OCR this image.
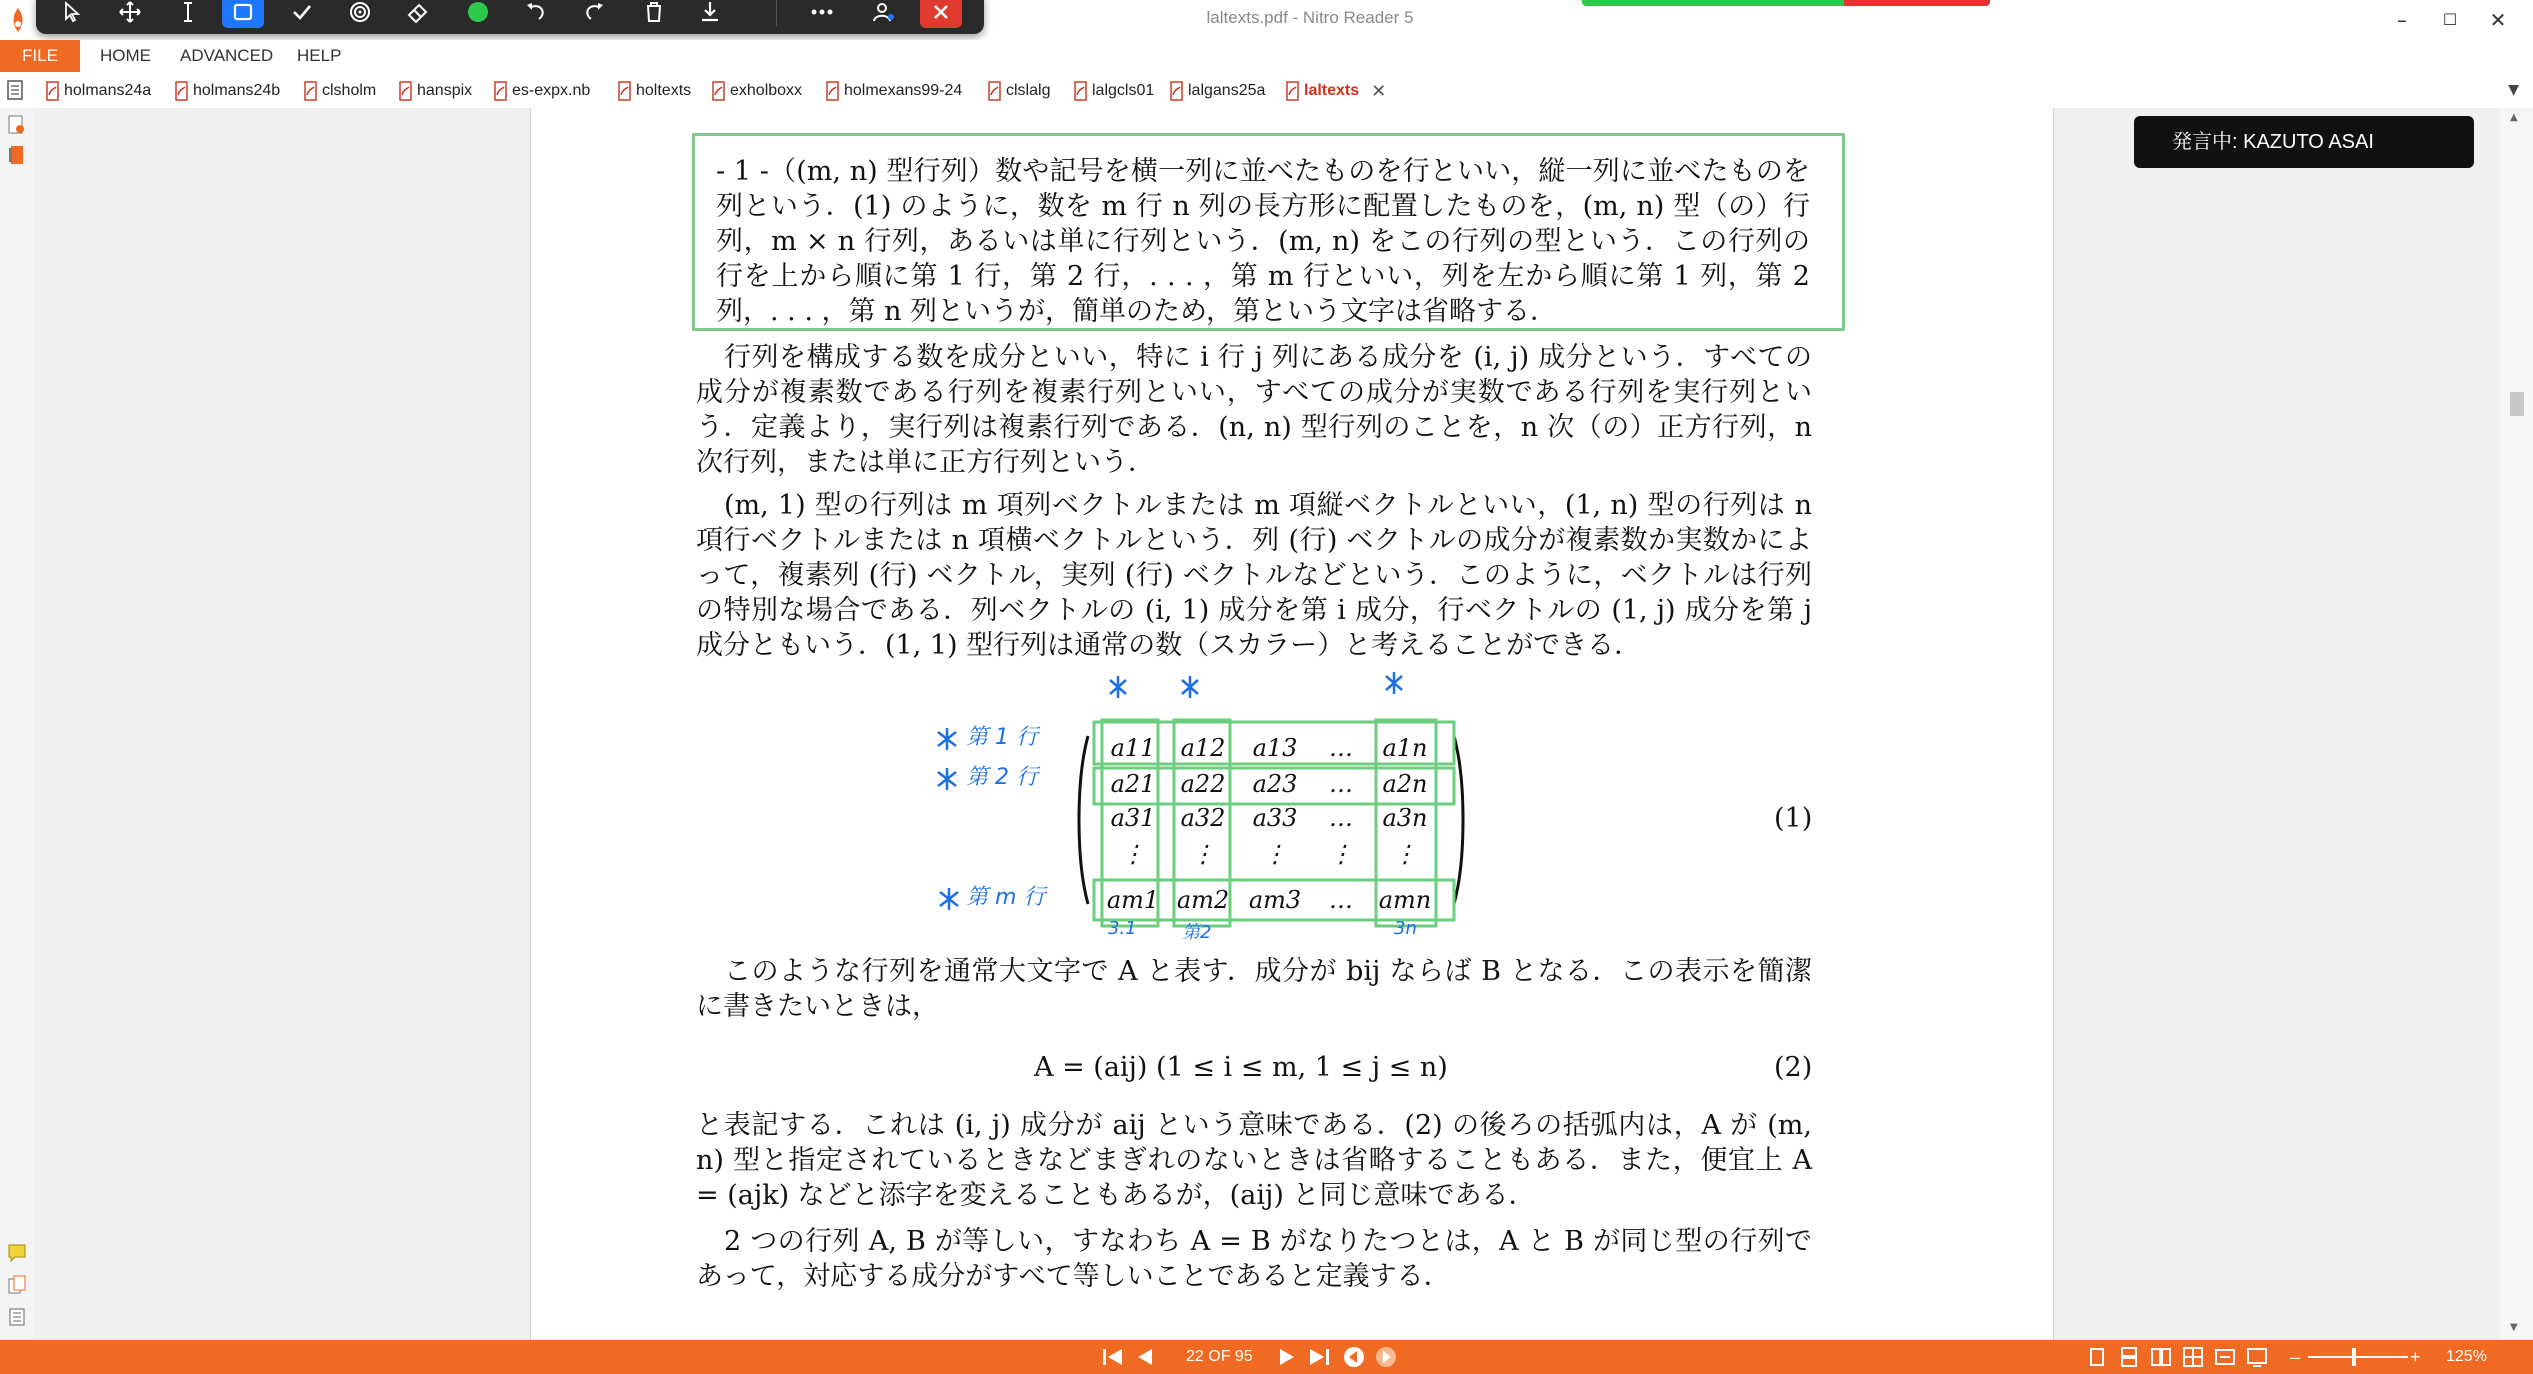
laltexts.pdf - Nitro Reader 5	–	☐	✕
FILE	HOME ADVANCED HELP
holmans24a	holmans24b	clsholm	hanspix es-expx.nb	holtexts exholboxx	holmexans99-24	clslalg	lalgcls01 lalgans25a laltexts ✕	▼
- 1 -（(m, n) 型行列）数や記号を横一列に並べたものを行といい，縦一列に並べたものを列という．(1) のように，数を m 行 n 列の長方形に配置したものを，(m, n) 型（の）行列，m × n 行列，あるいは単に行列という．(m, n) をこの行列の型という．この行列の行を上から順に第 1 行，第 2 行，. . . ，第 m 行といい，列を左から順に第 1 列，第 2 列，. . . ，第 n 列というが，簡単のため，第という文字は省略する．
行列を構成する数を成分といい，特に i 行 j 列にある成分を (i, j) 成分という．すべての成分が複素数である行列を複素行列といい，すべての成分が実数である行列を実行列という．定義より，実行列は複素行列である．(n, n) 型行列のことを，n 次（の）正方行列，n 次行列，または単に正方行列という．
(m, 1) 型の行列は m 項列ベクトルまたは m 項縦ベクトルといい，(1, n) 型の行列は n 項行ベクトルまたは n 項横ベクトルという．列 (行) ベクトルの成分が複素数か実数かによって，複素列 (行) ベクトル，実列 (行) ベクトルなどという．このように，ベクトルは行列の特別な場合である．列ベクトルの (i, 1) 成分を第 i 成分，行ベクトルの (1, j) 成分を第 j 成分ともいう．(1, 1) 型行列は通常の数（スカラー）と考えることができる．
第 1 行
第 2 行
第 m 行
3.1	第2	3n
a11	a12	a13	…	a1n
a21	a22	a23	…	a2n
a31	a32	a33	…	a3n
⋮	⋮	⋮	⋮	⋮
am1 am2 am3	…	amn
(1)
このような行列を通常大文字で A と表す．成分が bij ならば B となる．この表示を簡潔に書きたいときは，
A = (aij) (1 ≤ i ≤ m, 1 ≤ j ≤ n)	(2)
と表記する．これは (i, j) 成分が aij という意味である．(2) の後ろの括弧内は，A が (m, n) 型と指定されているときなどまぎれのないときは省略することもある．また，便宜上 A = (ajk) などと添字を変えることもあるが，(aij) と同じ意味である．
2 つの行列 A, B が等しい，すなわち A = B がなりたつとは，A と B が同じ型の行列であって，対応する成分がすべて等しいことであると定義する．
発言中: KAZUTO ASAI
▲
▼
22 OF 95	–	+ 125%
